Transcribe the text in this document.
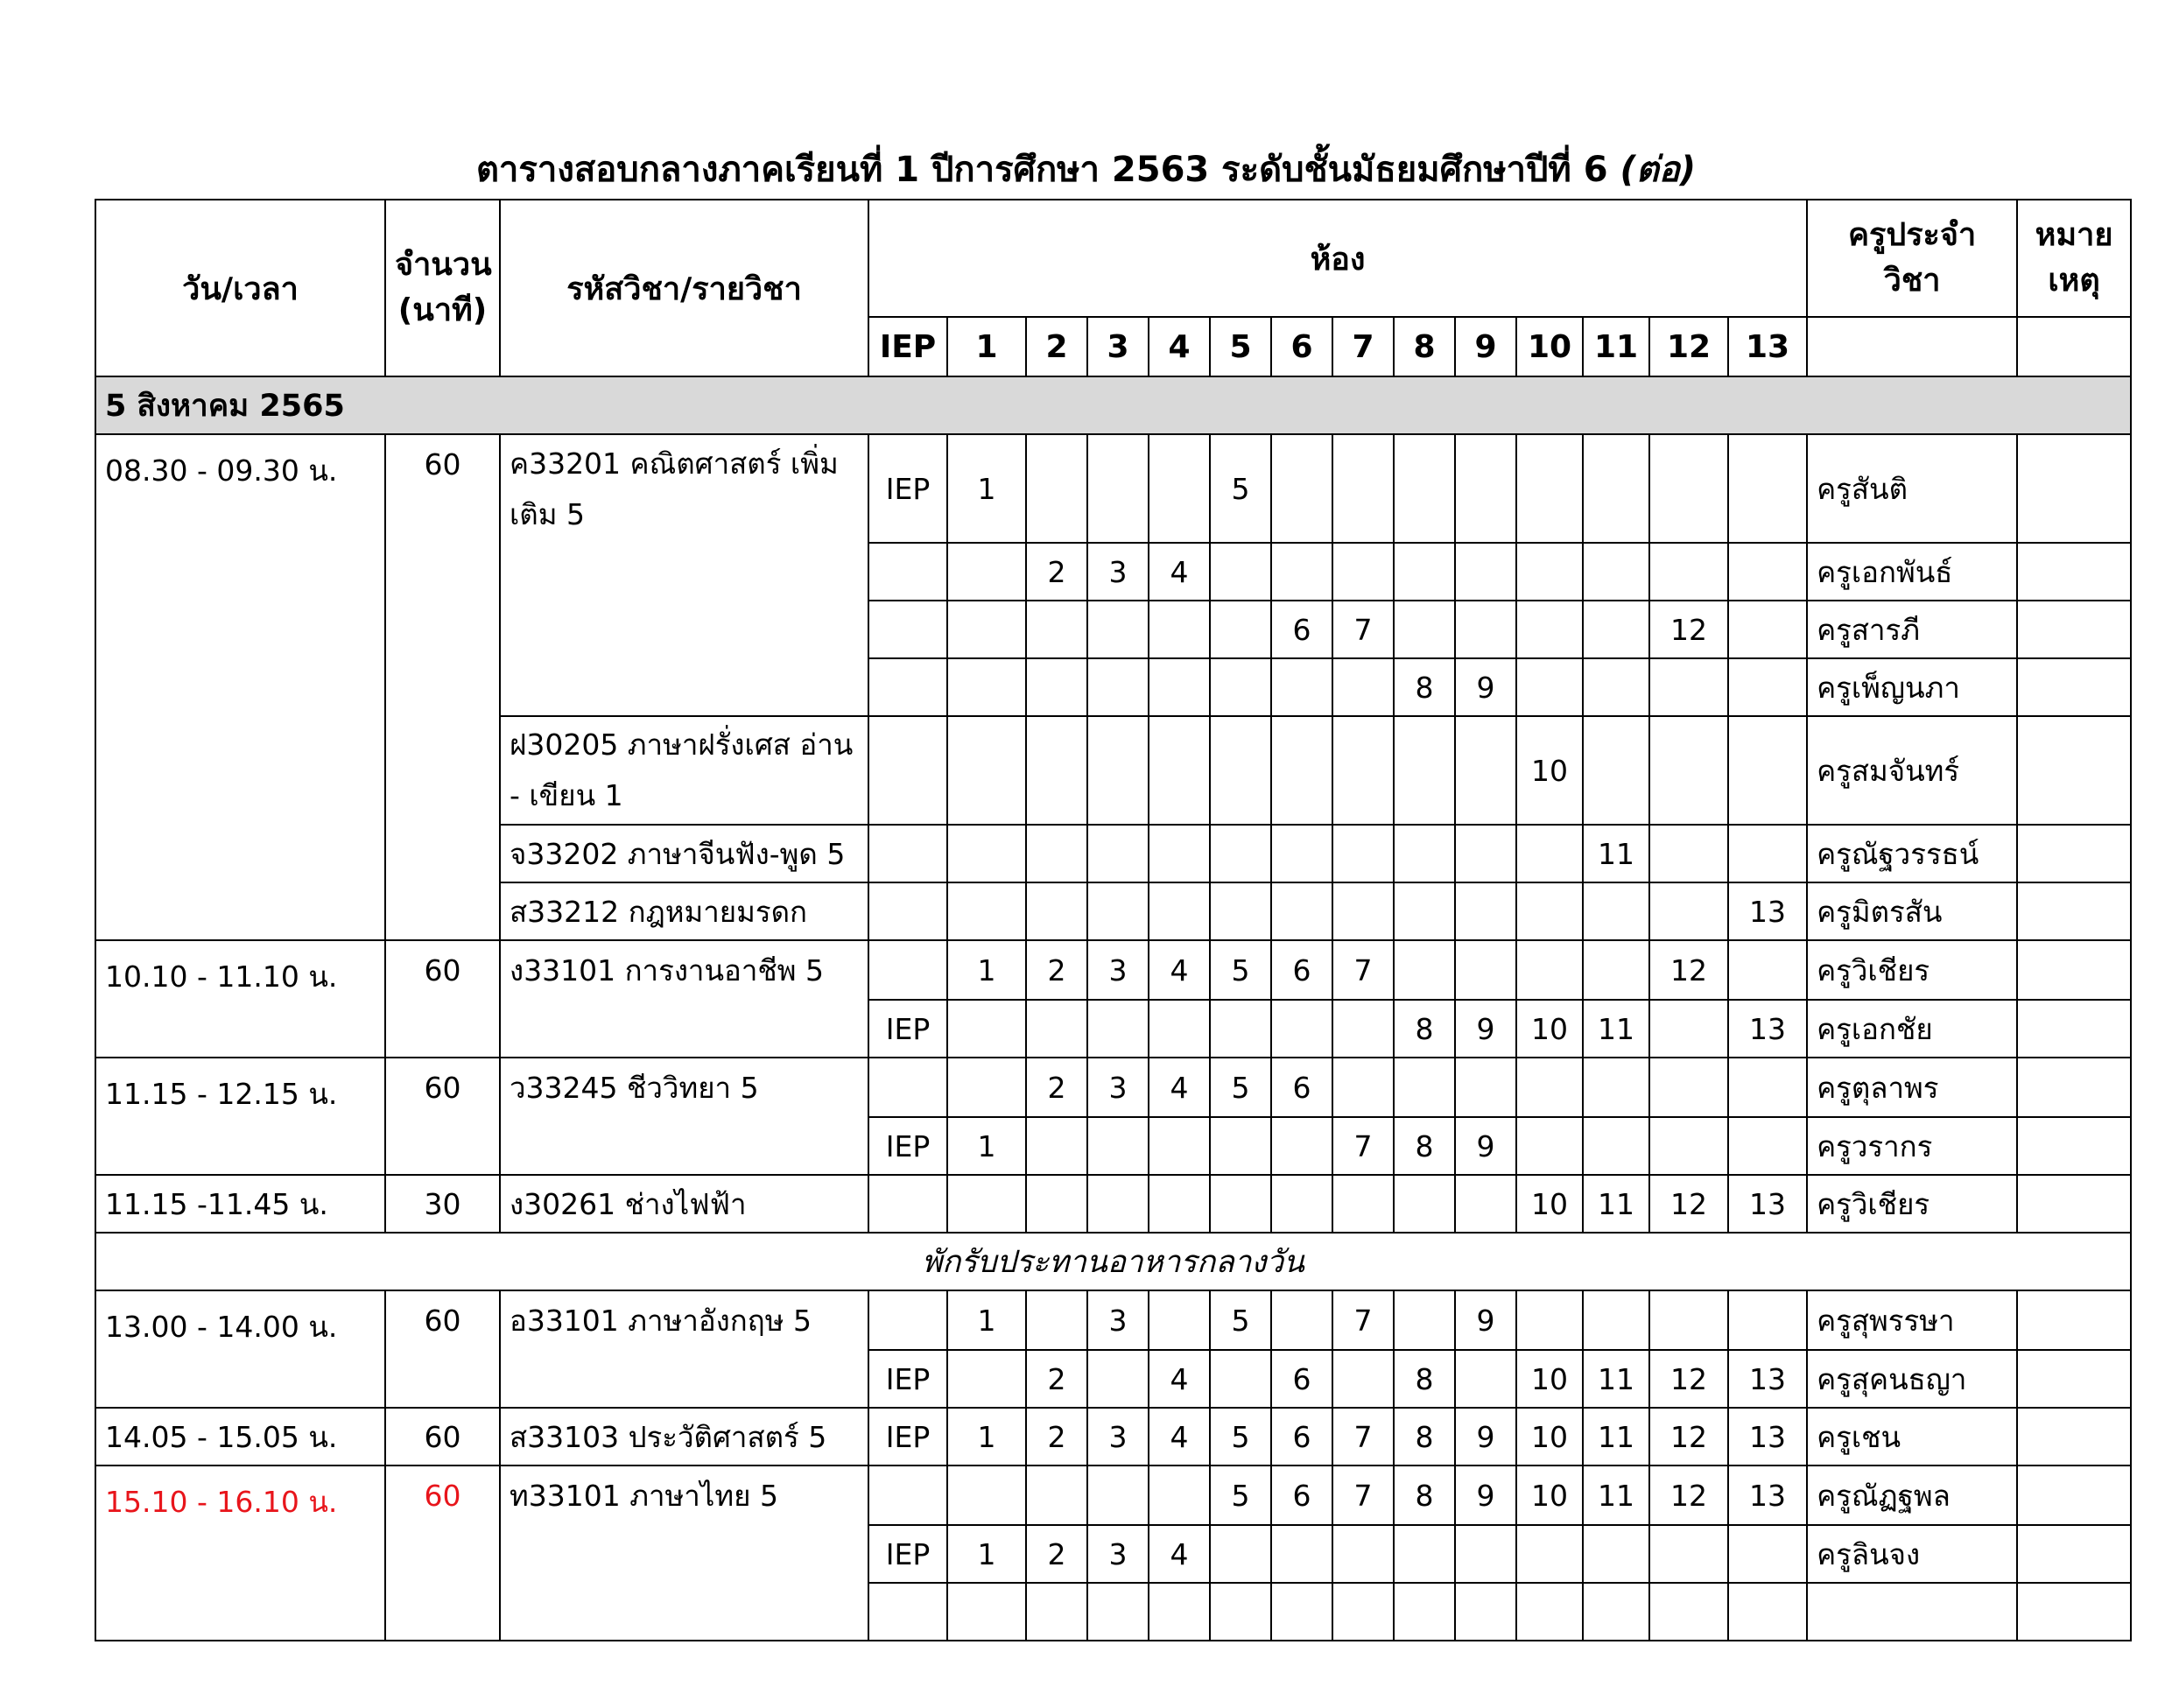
ตารางสอบกลางภาคเรียนที่ 1 ปีการศึกษา 2563 ระดับชั้นมัธยมศึกษาปีที่ 6 (ต่อ)
วัน/เวลา	จำนวน (นาที)	รหัสวิชา/รายวิชา	ห้อง														ครูประจำ วิชา	หมาย เหตุ
			IEP	1	2	3	4	5	6	7	8	9	10	11	12	13		
5 สิงหาคม 2565																		
08.30 - 09.30 น.	60	ค33201 คณิตศาสตร์ เพิ่มเติม 5	IEP	1				5									ครูสันติ	
					2	3	4										ครูเอกพันธ์	
									6	7					12		ครูสารภี	
											8	9					ครูเพ็ญนภา	
		ฝ30205 ภาษาฝรั่งเศส อ่าน - เขียน 1											10				ครูสมจันทร์	
		จ33202 ภาษาจีนฟัง-พูด 5												11			ครูณัฐวรรธน์	
		ส33212 กฎหมายมรดก														13	ครูมิตรสัน	
10.10 - 11.10 น.	60	ง33101 การงานอาชีพ 5		1	2	3	4	5	6	7					12		ครูวิเชียร	
			IEP								8	9	10	11		13	ครูเอกชัย	
11.15 - 12.15 น.	60	ว33245 ชีววิทยา 5			2	3	4	5	6								ครูตุลาพร	
			IEP	1						7	8	9					ครูวรากร	
11.15 -11.45 น.	30	ง30261 ช่างไฟฟ้า											10	11	12	13	ครูวิเชียร	
พักรับประทานอาหารกลางวัน																		
13.00 - 14.00 น.	60	อ33101 ภาษาอังกฤษ 5		1		3		5		7		9					ครูสุพรรษา	
			IEP		2		4		6		8		10	11	12	13	ครูสุคนธญา	
14.05 - 15.05 น.	60	ส33103 ประวัติศาสตร์ 5	IEP	1	2	3	4	5	6	7	8	9	10	11	12	13	ครูเชน	
15.10 - 16.10 น.	60	ท33101 ภาษาไทย 5						5	6	7	8	9	10	11	12	13	ครูณัฏฐพล	
			IEP	1	2	3	4										ครูลินจง	
